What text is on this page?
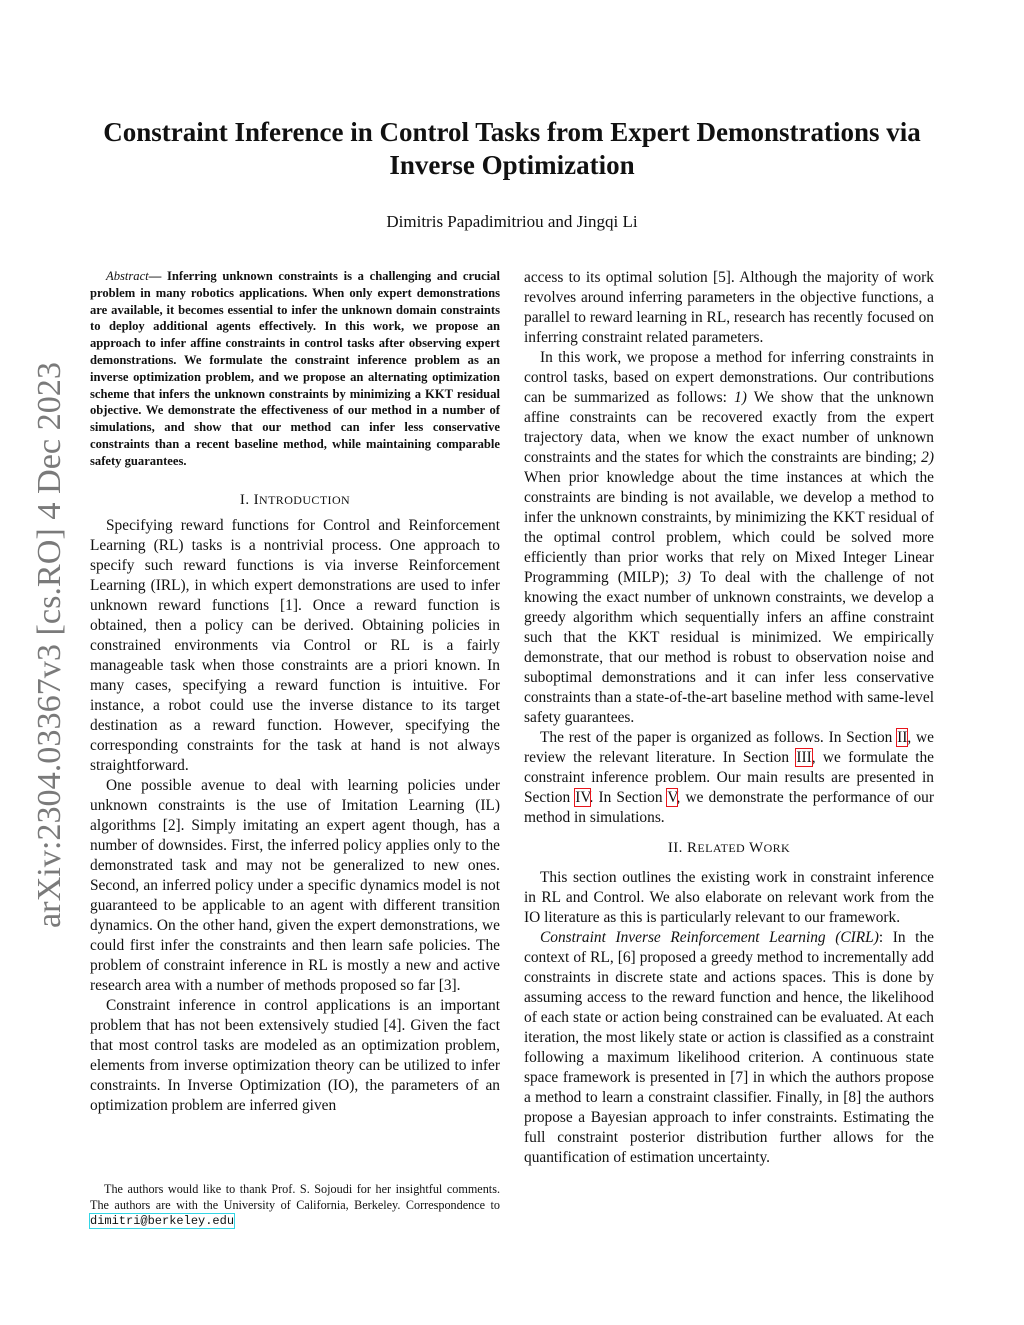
arXiv:2304.03367v3 [cs.RO] 4 Dec 2023
Constraint Inference in Control Tasks from Expert Demonstrations via
Inverse Optimization
Dimitris Papadimitriou and Jingqi Li

Abstract— Inferring unknown constraints is a challenging and crucial problem in many robotics applications. When only expert demonstrations are available, it becomes essential to infer the unknown domain constraints to deploy additional agents effectively. In this work, we propose an approach to infer affine constraints in control tasks after observing expert demonstrations. We formulate the constraint inference problem as an inverse optimization problem, and we propose an alternating optimization scheme that infers the unknown constraints by minimizing a KKT residual objective. We demonstrate the effectiveness of our method in a number of simulations, and show that our method can infer less conservative constraints than a recent baseline method, while maintaining comparable safety guarantees.

I. INTRODUCTION

Specifying reward functions for Control and Reinforcement Learning (RL) tasks is a nontrivial process. One approach to specify such reward functions is via inverse Reinforcement Learning (IRL), in which expert demonstrations are used to infer unknown reward functions [1]. Once a reward function is obtained, then a policy can be derived. Obtaining policies in constrained environments via Control or RL is a fairly manageable task when those constraints are a priori known. In many cases, specifying a reward function is intuitive. For instance, a robot could use the inverse distance to its target destination as a reward function. However, specifying the corresponding constraints for the task at hand is not always straightforward.

One possible avenue to deal with learning policies under unknown constraints is the use of Imitation Learning (IL) algorithms [2]. Simply imitating an expert agent though, has a number of downsides. First, the inferred policy applies only to the demonstrated task and may not be generalized to new ones. Second, an inferred policy under a specific dynamics model is not guaranteed to be applicable to an agent with different transition dynamics. On the other hand, given the expert demonstrations, we could first infer the constraints and then learn safe policies. The problem of constraint inference in RL is mostly a new and active research area with a number of methods proposed so far [3].

Constraint inference in control applications is an important problem that has not been extensively studied [4]. Given the fact that most control tasks are modeled as an optimization problem, elements from inverse optimization theory can be utilized to infer constraints. In Inverse Optimization (IO), the parameters of an optimization problem are inferred given

access to its optimal solution [5]. Although the majority of work revolves around inferring parameters in the objective functions, a parallel to reward learning in RL, research has recently focused on inferring constraint related parameters.

In this work, we propose a method for inferring constraints in control tasks, based on expert demonstrations. Our contributions can be summarized as follows: 1) We show that the unknown affine constraints can be recovered exactly from the expert trajectory data, when we know the exact number of unknown constraints and the states for which the constraints are binding; 2) When prior knowledge about the time instances at which the constraints are binding is not available, we develop a method to infer the unknown constraints, by minimizing the KKT residual of the optimal control problem, which could be solved more efficiently than prior works that rely on Mixed Integer Linear Programming (MILP); 3) To deal with the challenge of not knowing the exact number of unknown constraints, we develop a greedy algorithm which sequentially infers an affine constraint such that the KKT residual is minimized. We empirically demonstrate, that our method is robust to observation noise and suboptimal demonstrations and it can infer less conservative constraints than a state-of-the-art baseline method with same-level safety guarantees.

The rest of the paper is organized as follows. In Section II, we review the relevant literature. In Section III, we formulate the constraint inference problem. Our main results are presented in Section IV. In Section V, we demonstrate the performance of our method in simulations.

II. RELATED WORK

This section outlines the existing work in constraint inference in RL and Control. We also elaborate on relevant work from the IO literature as this is particularly relevant to our framework.

Constraint Inverse Reinforcement Learning (CIRL): In the context of RL, [6] proposed a greedy method to incrementally add constraints in discrete state and actions spaces. This is done by assuming access to the reward function and hence, the likelihood of each state or action being constrained can be evaluated. At each iteration, the most likely state or action is classified as a constraint following a maximum likelihood criterion. A continuous state space framework is presented in [7] in which the authors propose a method to learn a constraint classifier. Finally, in [8] the authors propose a Bayesian approach to infer constraints. Estimating the full constraint posterior distribution further allows for the quantification of estimation uncertainty.

The authors would like to thank Prof. S. Sojoudi for her insightful comments. The authors are with the University of California, Berkeley. Correspondence to dimitri@berkeley.edu
